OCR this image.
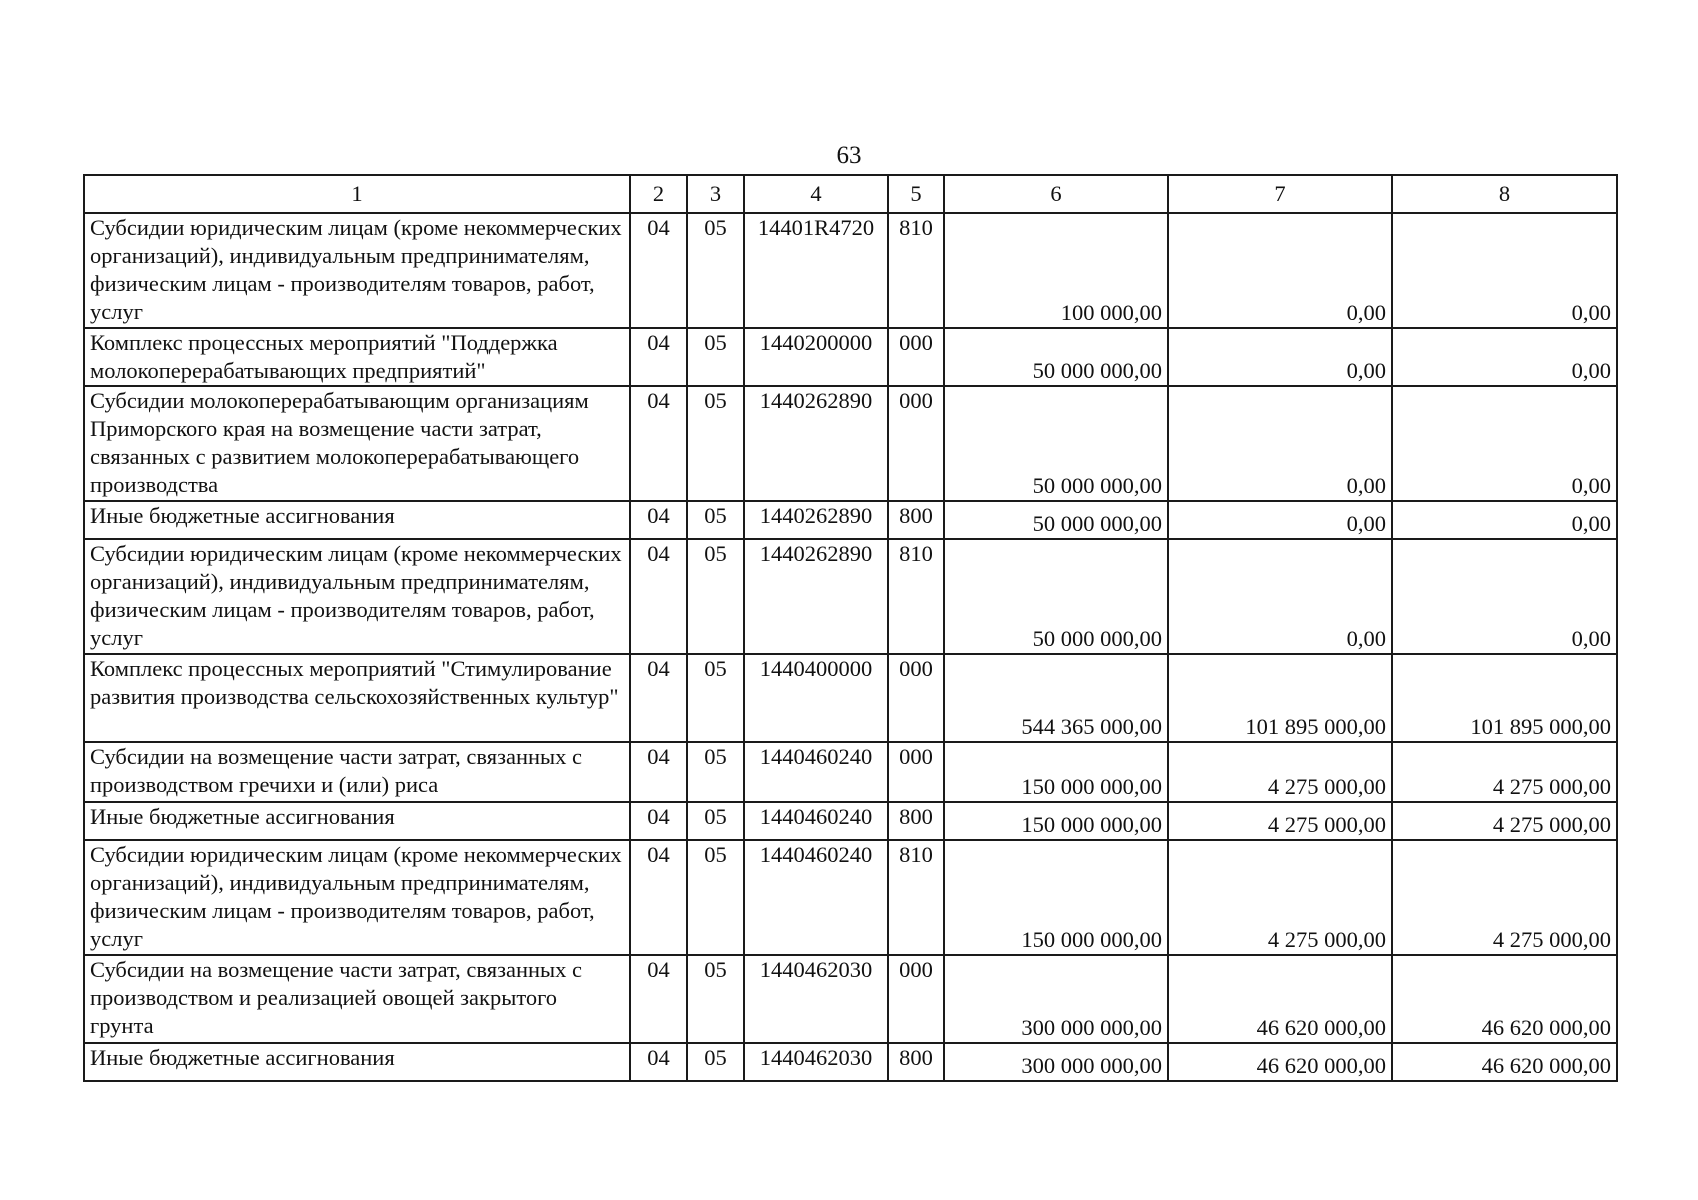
63
1	2	3	4	5	6	7	8
Субсидии юридическим лицам (кроме некоммерческих организаций), индивидуальным предпринимателям, физическим лицам - производителям товаров, работ, услуг	04	05	14401R4720	810	100 000,00	0,00	0,00
Комплекс процессных мероприятий "Поддержка молокоперерабатывающих предприятий"	04	05	1440200000	000	50 000 000,00	0,00	0,00
Субсидии молокоперерабатывающим организациям Приморского края на возмещение части затрат, связанных с развитием молокоперерабатывающего производства	04	05	1440262890	000	50 000 000,00	0,00	0,00
Иные бюджетные ассигнования	04	05	1440262890	800	50 000 000,00	0,00	0,00
Субсидии юридическим лицам (кроме некоммерческих организаций), индивидуальным предпринимателям, физическим лицам - производителям товаров, работ, услуг	04	05	1440262890	810	50 000 000,00	0,00	0,00
Комплекс процессных мероприятий "Стимулирование развития производства сельскохозяйственных культур"	04	05	1440400000	000	544 365 000,00	101 895 000,00	101 895 000,00
Субсидии на возмещение части затрат, связанных с производством гречихи и (или) риса	04	05	1440460240	000	150 000 000,00	4 275 000,00	4 275 000,00
Иные бюджетные ассигнования	04	05	1440460240	800	150 000 000,00	4 275 000,00	4 275 000,00
Субсидии юридическим лицам (кроме некоммерческих организаций), индивидуальным предпринимателям, физическим лицам - производителям товаров, работ, услуг	04	05	1440460240	810	150 000 000,00	4 275 000,00	4 275 000,00
Субсидии на возмещение части затрат, связанных с производством и реализацией овощей закрытого грунта	04	05	1440462030	000	300 000 000,00	46 620 000,00	46 620 000,00
Иные бюджетные ассигнования	04	05	1440462030	800	300 000 000,00	46 620 000,00	46 620 000,00
